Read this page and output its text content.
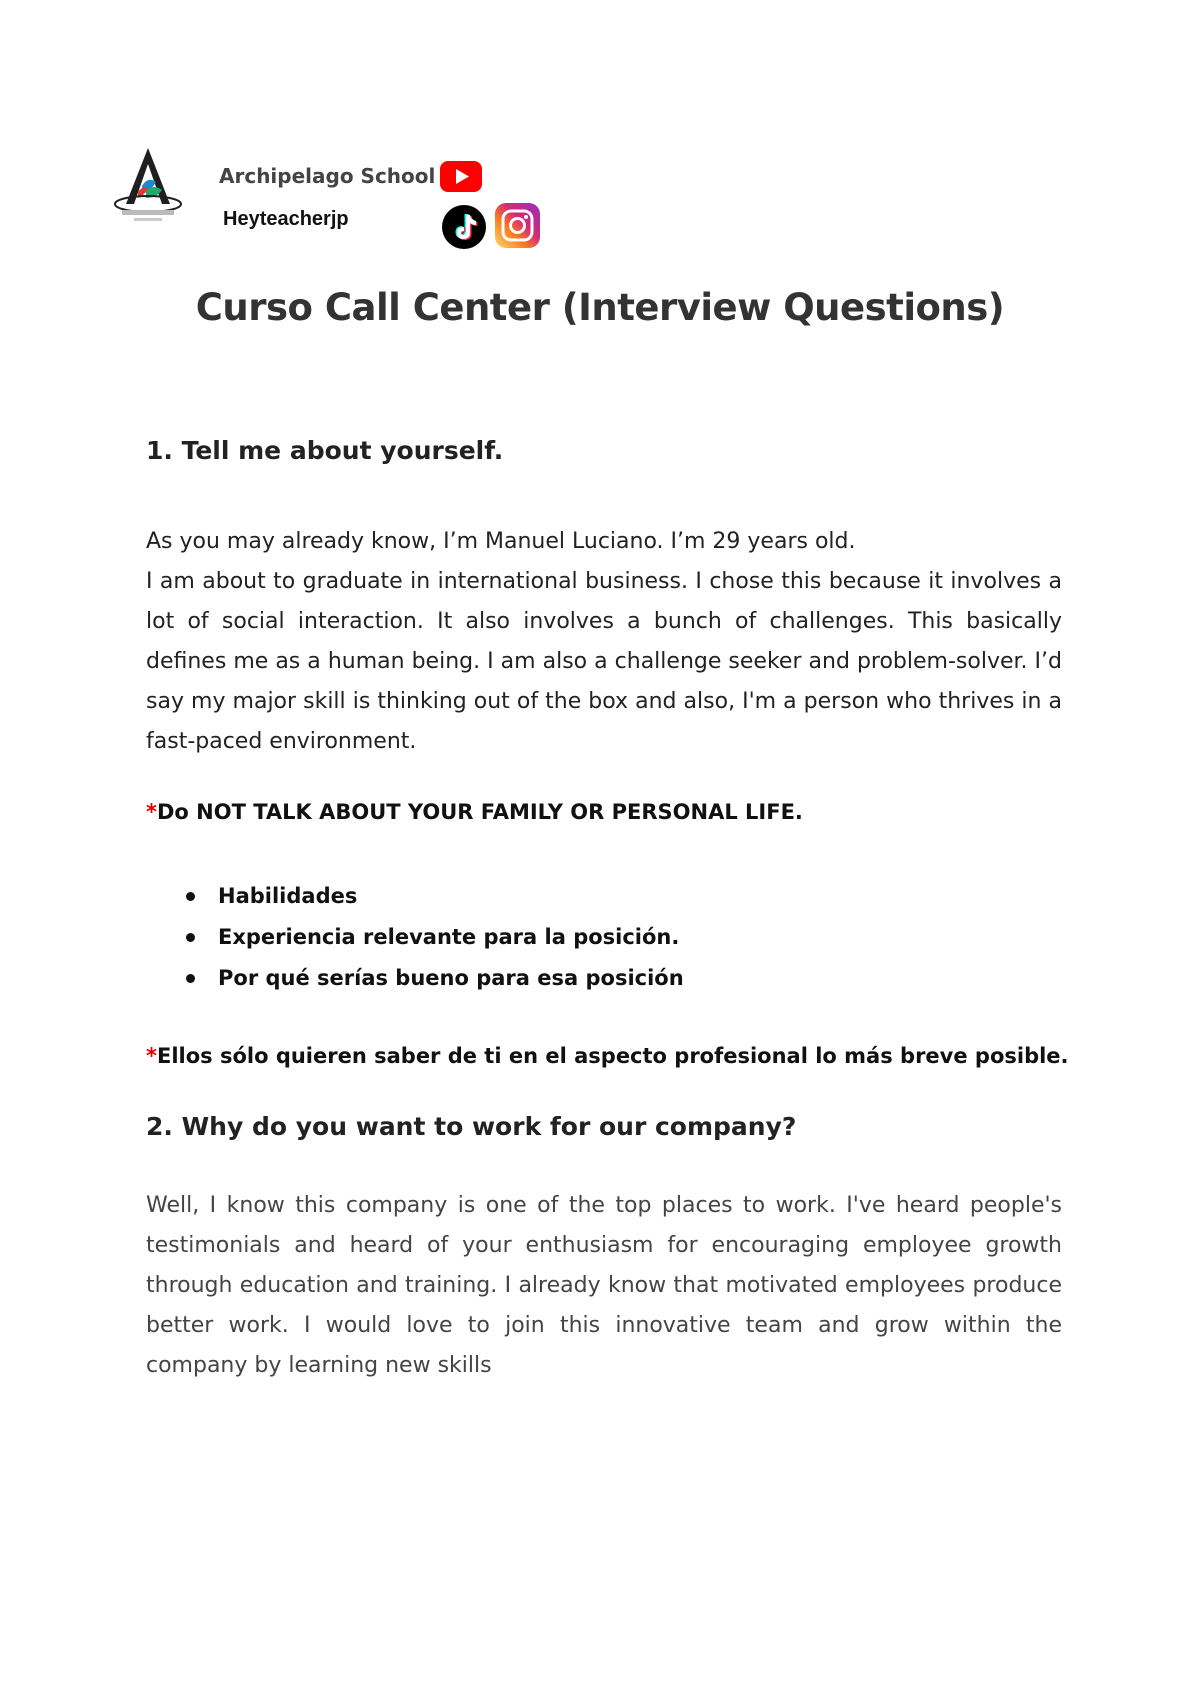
Archipelago School
Heyteacherjp
Curso Call Center (Interview Questions)
1. Tell me about yourself.
As you may already know, I’m Manuel Luciano. I’m 29 years old.
I am about to graduate in international business. I chose this because it involves a lot of social interaction. It also involves a bunch of challenges. This basically defines me as a human being. I am also a challenge seeker and problem-solver. I’d say my major skill is thinking out of the box and also, I'm a person who thrives in a fast-paced environment.
*Do NOT TALK ABOUT YOUR FAMILY OR PERSONAL LIFE.
Habilidades
Experiencia relevante para la posición.
Por qué serías bueno para esa posición
*Ellos sólo quieren saber de ti en el aspecto profesional lo más breve posible.
2. Why do you want to work for our company?
Well, I know this company is one of the top places to work. I've heard people's testimonials and heard of your enthusiasm for encouraging employee growth through education and training. I already know that motivated employees produce better work. I would love to join this innovative team and grow within the company by learning new skills
